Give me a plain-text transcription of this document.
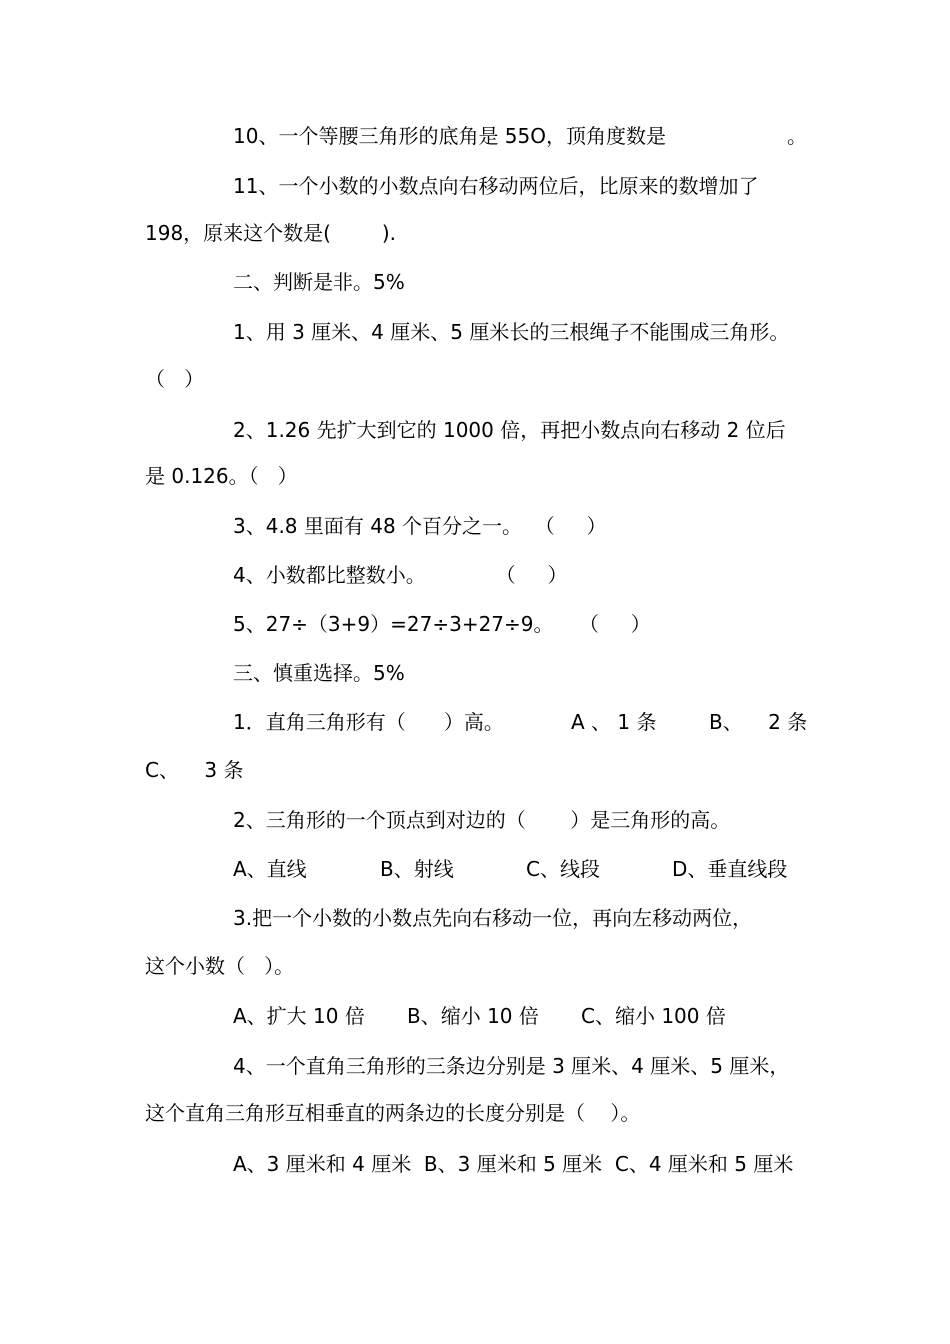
10、一个等腰三角形的底角是 55O，顶角度数是	。
11、一个小数的小数点向右移动两位后，比原来的数增加了
198，原来这个数是(        ).
二、判断是非。5%
1、用 3 厘米、4 厘米、5 厘米长的三根绳子不能围成三角形。
（   ）
2、1.26 先扩大到它的 1000 倍，再把小数点向右移动 2 位后
是 0.126。（   ）
3、4.8 里面有 48 个百分之一。  （     ）
4、小数都比整数小。           （     ）
5、27÷（3+9）=27÷3+27÷9。    （     ）
三、慎重选择。5%
1．直角三角形有（      ）高。	A 、 1 条	B、    2 条
C、    3 条
2、三角形的一个顶点到对边的（       ）是三角形的高。
A、直线	B、射线	C、线段	D、垂直线段
3.把一个小数的小数点先向右移动一位，再向左移动两位，
这个小数（   ）。
A、扩大 10 倍 B、缩小 10 倍 C、缩小 100 倍
4、一个直角三角形的三条边分别是 3 厘米、4 厘米、5 厘米，
这个直角三角形互相垂直的两条边的长度分别是（    ）。
A、3 厘米和 4 厘米  B、3 厘米和 5 厘米  C、4 厘米和 5 厘米
